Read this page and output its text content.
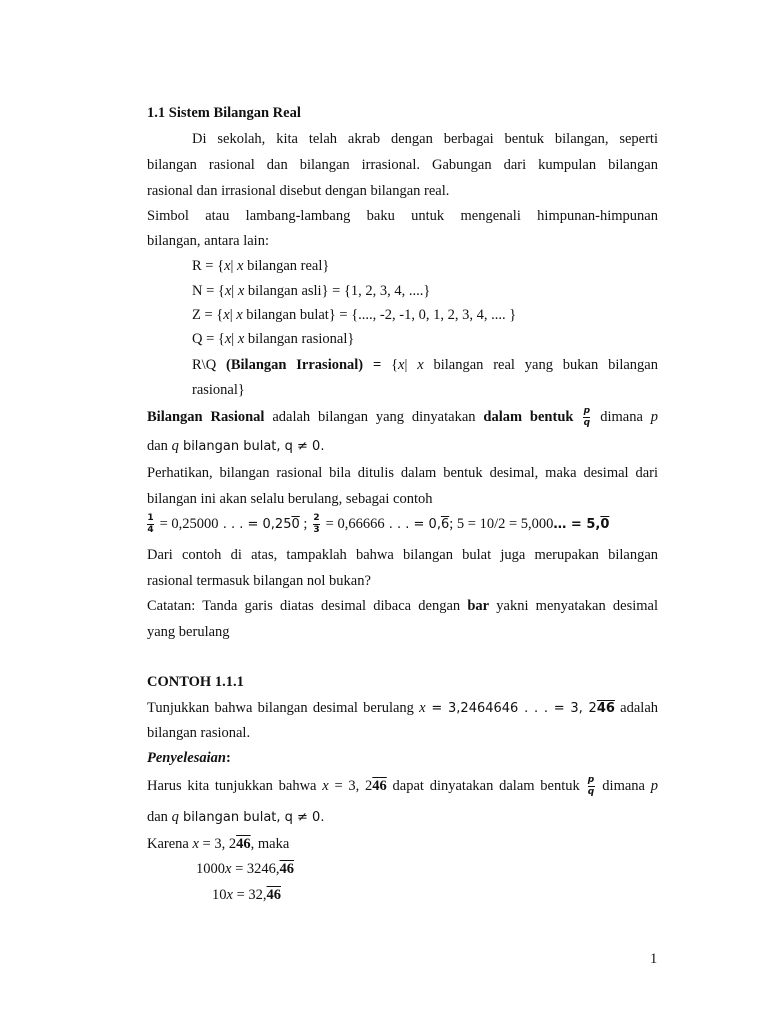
1.1 Sistem Bilangan Real
Di sekolah, kita telah akrab dengan berbagai bentuk bilangan, seperti
bilangan rasional dan bilangan irrasional. Gabungan dari kumpulan bilangan
rasional dan irrasional disebut dengan bilangan real.
Simbol atau lambang-lambang baku untuk mengenali himpunan-himpunan
bilangan, antara lain:
R = {x| x bilangan real}
N = {x| x bilangan asli} = {1, 2, 3, 4, ....}
Z = {x| x bilangan bulat} = {...., -2, -1, 0, 1, 2, 3, 4, .... }
Q = {x| x bilangan rasional}
R\Q (Bilangan Irrasional) = {x| x bilangan real yang bukan bilangan
rasional}
Bilangan Rasional adalah bilangan yang dinyatakan dalam bentuk $\frac{p}{q}$ dimana p
dan q bilangan bulat, q ≠ 0.
Perhatikan, bilangan rasional bila ditulis dalam bentuk desimal, maka desimal dari
bilangan ini akan selalu berulang, sebagai contoh
$\frac{1}{4} = 0,25000$ . . . = 0,250 ; $\frac{2}{3} = 0,66666$ . . . = 0,6; 5 = 10/2 = 5,000… = 5,0
Dari contoh di atas, tampaklah bahwa bilangan bulat juga merupakan bilangan
rasional termasuk bilangan nol bukan?
Catatan: Tanda garis diatas desimal dibaca dengan bar yakni menyatakan desimal
yang berulang
CONTOH 1.1.1
Tunjukkan bahwa bilangan desimal berulang x = 3,2464646 . . . = 3, 246 adalah
bilangan rasional.
Penyelesaian:
Harus kita tunjukkan bahwa x = 3, 246 dapat dinyatakan dalam bentuk $\frac{p}{q}$ dimana p
dan q bilangan bulat, q ≠ 0.
Karena x = 3, 246, maka
1000x = 3246,46
10x = 32,46
1
